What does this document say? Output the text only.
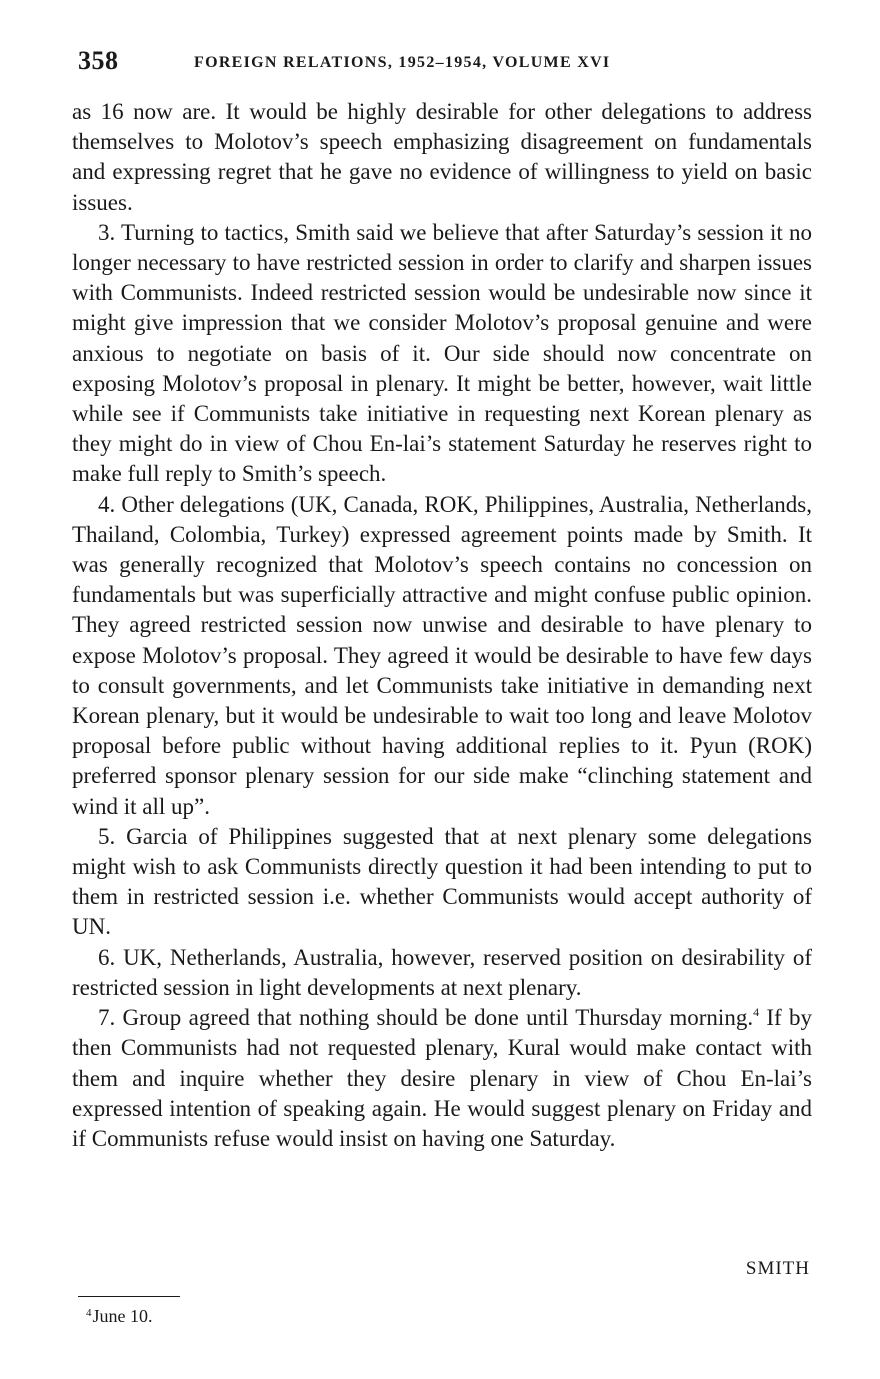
358	FOREIGN RELATIONS, 1952–1954, VOLUME XVI

as 16 now are. It would be highly desirable for other delegations to address themselves to Molotov’s speech emphasizing disagreement on fundamentals and expressing regret that he gave no evidence of willingness to yield on basic issues.

3. Turning to tactics, Smith said we believe that after Saturday’s session it no longer necessary to have restricted session in order to clarify and sharpen issues with Communists. Indeed restricted session would be undesirable now since it might give impression that we consider Molotov’s proposal genuine and were anxious to negotiate on basis of it. Our side should now concentrate on exposing Molotov’s proposal in plenary. It might be better, however, wait little while see if Communists take initiative in requesting next Korean plenary as they might do in view of Chou En-lai’s statement Saturday he reserves right to make full reply to Smith’s speech.

4. Other delegations (UK, Canada, ROK, Philippines, Australia, Netherlands, Thailand, Colombia, Turkey) expressed agreement points made by Smith. It was generally recognized that Molotov’s speech contains no concession on fundamentals but was superficially attractive and might confuse public opinion. They agreed restricted session now unwise and desirable to have plenary to expose Molotov’s proposal. They agreed it would be desirable to have few days to consult governments, and let Communists take initiative in demanding next Korean plenary, but it would be undesirable to wait too long and leave Molotov proposal before public without having additional replies to it. Pyun (ROK) preferred sponsor plenary session for our side make “clinching statement and wind it all up”.

5. Garcia of Philippines suggested that at next plenary some delegations might wish to ask Communists directly question it had been intending to put to them in restricted session i.e. whether Communists would accept authority of UN.

6. UK, Netherlands, Australia, however, reserved position on desirability of restricted session in light developments at next plenary.

7. Group agreed that nothing should be done until Thursday morning.$^4$ If by then Communists had not requested plenary, Kural would make contact with them and inquire whether they desire plenary in view of Chou En-lai’s expressed intention of speaking again. He would suggest plenary on Friday and if Communists refuse would insist on having one Saturday.

SMITH
$^4$June 10.
